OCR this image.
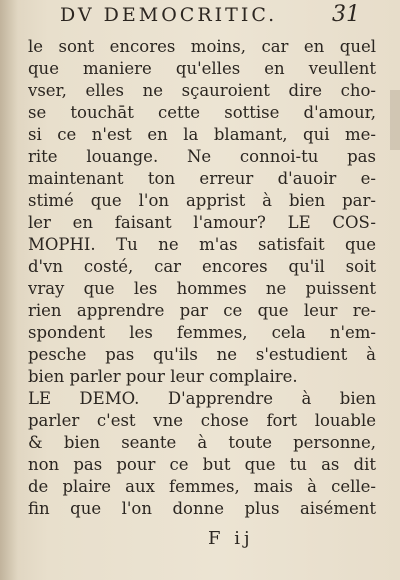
DV DEMOCRITIC. 31
le sont encores moins, car en quel
que maniere qu'elles en veullent
vser, elles ne sçauroient dire cho-
se touchāt cette sottise d'amour,
si ce n'est en la blamant, qui me-
rite louange. Ne connoi-tu pas
maintenant ton erreur d'auoir e-
stimé que l'on apprist à bien par-
ler en faisant l'amour? LE COS-
MOPHI. Tu ne m'as satisfait que
d'vn costé, car encores qu'il soit
vray que les hommes ne puissent
rien apprendre par ce que leur re-
spondent les femmes, cela n'em-
pesche pas qu'ils ne s'estudient à
bien parler pour leur complaire.
LE DEMO. D'apprendre à bien
parler c'est vne chose fort louable
& bien seante à toute personne,
non pas pour ce but que tu as dit
de plaire aux femmes, mais à celle-
fin que l'on donne plus aisément
F ij
